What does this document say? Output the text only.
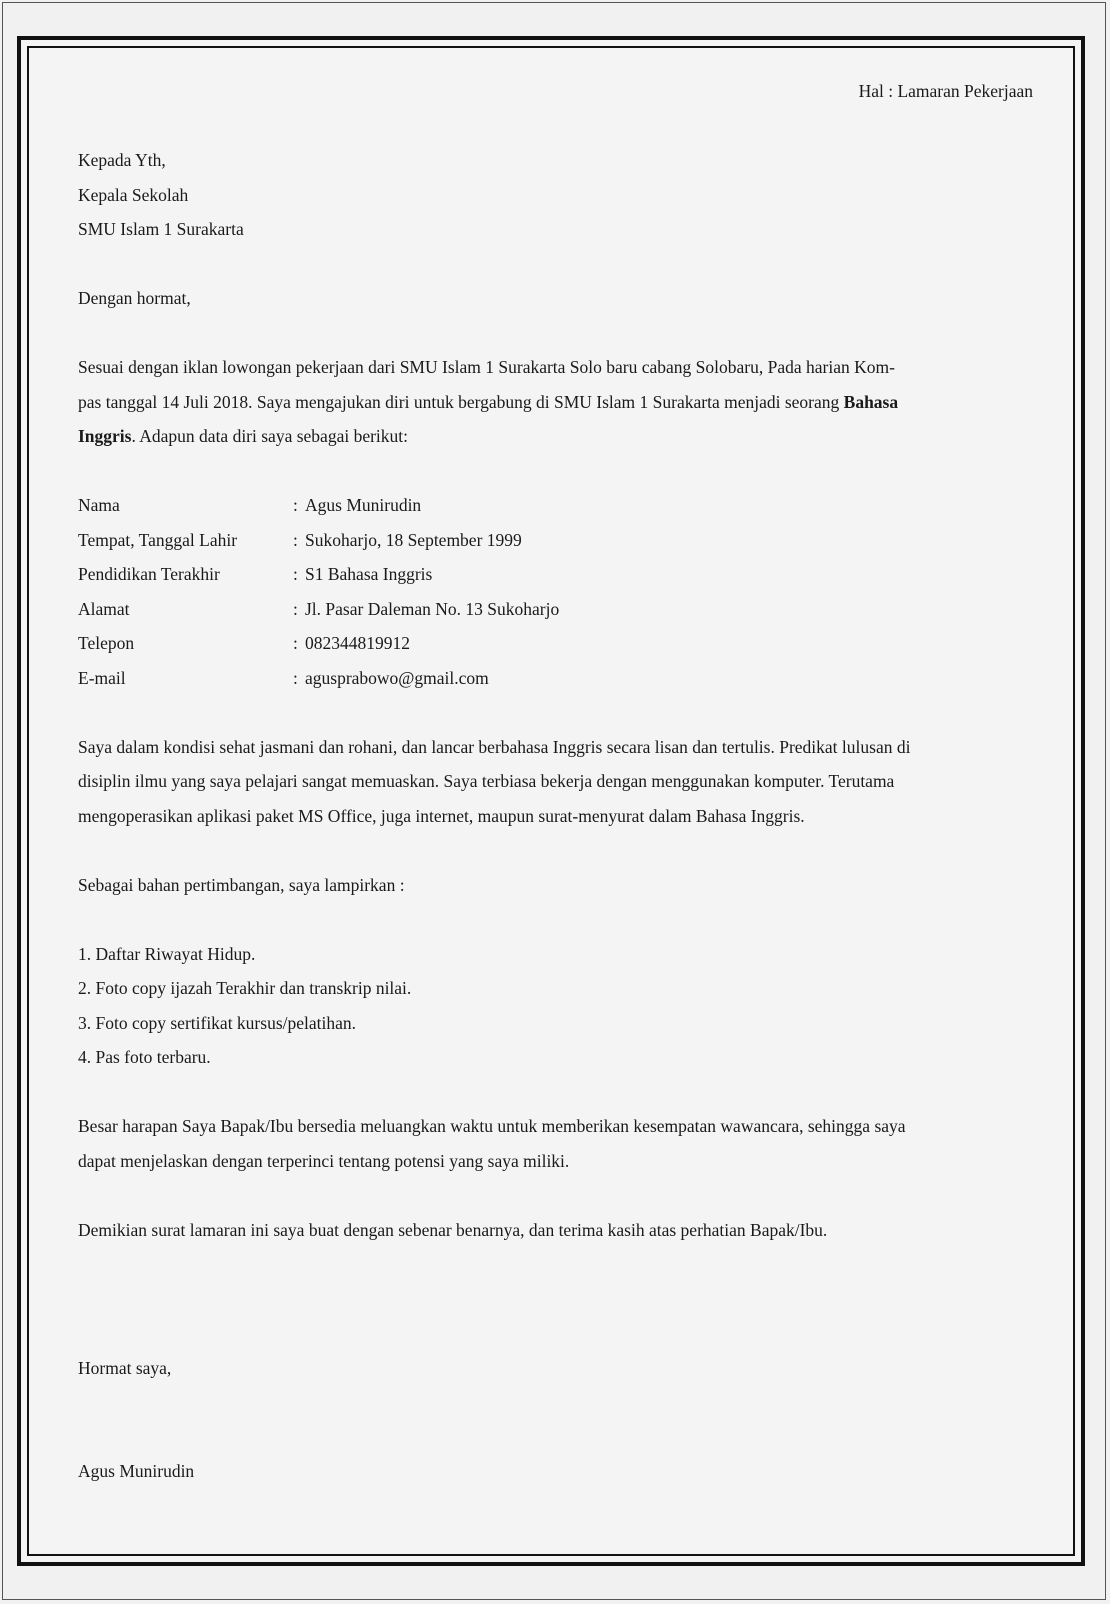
Hal : Lamaran Pekerjaan
Kepada Yth,
Kepala Sekolah
SMU Islam 1 Surakarta
Dengan hormat,
Sesuai dengan iklan lowongan pekerjaan dari SMU Islam 1 Surakarta Solo baru cabang Solobaru, Pada harian Kom-
pas tanggal 14 Juli 2018. Saya mengajukan diri untuk bergabung di SMU Islam 1 Surakarta menjadi seorang Bahasa
Inggris. Adapun data diri saya sebagai berikut:
Nama	: Agus Munirudin
Tempat, Tanggal Lahir	: Sukoharjo, 18 September 1999
Pendidikan Terakhir	: S1 Bahasa Inggris
Alamat	: Jl. Pasar Daleman No. 13 Sukoharjo
Telepon	: 082344819912
E-mail	: agusprabowo@gmail.com
Saya dalam kondisi sehat jasmani dan rohani, dan lancar berbahasa Inggris secara lisan dan tertulis. Predikat lulusan di
disiplin ilmu yang saya pelajari sangat memuaskan. Saya terbiasa bekerja dengan menggunakan komputer. Terutama
mengoperasikan aplikasi paket MS Office, juga internet, maupun surat-menyurat dalam Bahasa Inggris.
Sebagai bahan pertimbangan, saya lampirkan :
1. Daftar Riwayat Hidup.
2. Foto copy ijazah Terakhir dan transkrip nilai.
3. Foto copy sertifikat kursus/pelatihan.
4. Pas foto terbaru.
Besar harapan Saya Bapak/Ibu bersedia meluangkan waktu untuk memberikan kesempatan wawancara, sehingga saya
dapat menjelaskan dengan terperinci tentang potensi yang saya miliki.
Demikian surat lamaran ini saya buat dengan sebenar benarnya, dan terima kasih atas perhatian Bapak/Ibu.
Hormat saya,
Agus Munirudin
